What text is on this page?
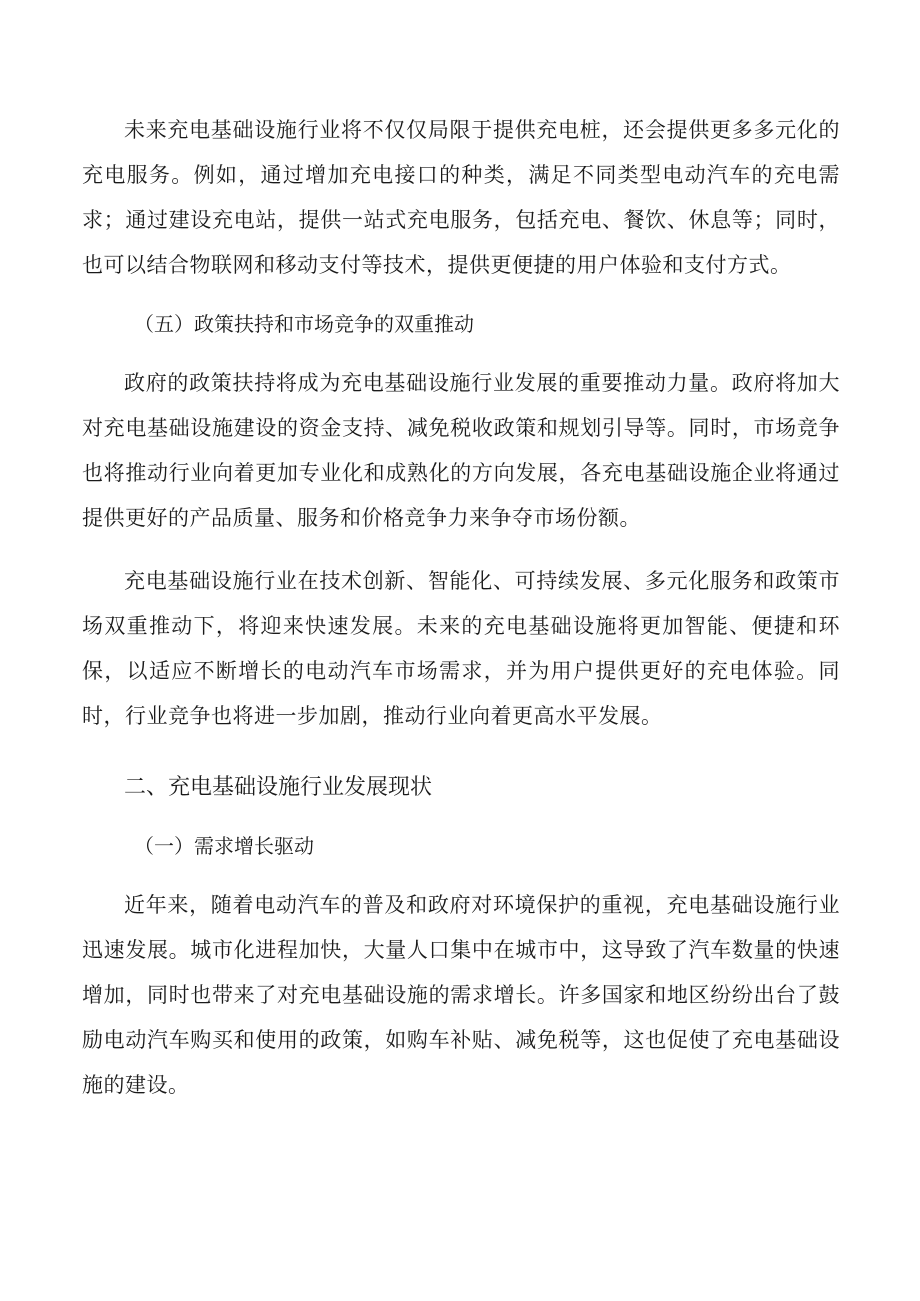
未来充电基础设施行业将不仅仅局限于提供充电桩，还会提供更多多元化的充电服务。例如，通过增加充电接口的种类，满足不同类型电动汽车的充电需求；通过建设充电站，提供一站式充电服务，包括充电、餐饮、休息等；同时，也可以结合物联网和移动支付等技术，提供更便捷的用户体验和支付方式。

（五）政策扶持和市场竞争的双重推动

政府的政策扶持将成为充电基础设施行业发展的重要推动力量。政府将加大对充电基础设施建设的资金支持、减免税收政策和规划引导等。同时，市场竞争也将推动行业向着更加专业化和成熟化的方向发展，各充电基础设施企业将通过提供更好的产品质量、服务和价格竞争力来争夺市场份额。

充电基础设施行业在技术创新、智能化、可持续发展、多元化服务和政策市场双重推动下，将迎来快速发展。未来的充电基础设施将更加智能、便捷和环保，以适应不断增长的电动汽车市场需求，并为用户提供更好的充电体验。同时，行业竞争也将进一步加剧，推动行业向着更高水平发展。

二、充电基础设施行业发展现状

（一）需求增长驱动

近年来，随着电动汽车的普及和政府对环境保护的重视，充电基础设施行业迅速发展。城市化进程加快，大量人口集中在城市中，这导致了汽车数量的快速增加，同时也带来了对充电基础设施的需求增长。许多国家和地区纷纷出台了鼓励电动汽车购买和使用的政策，如购车补贴、减免税等，这也促使了充电基础设施的建设。
